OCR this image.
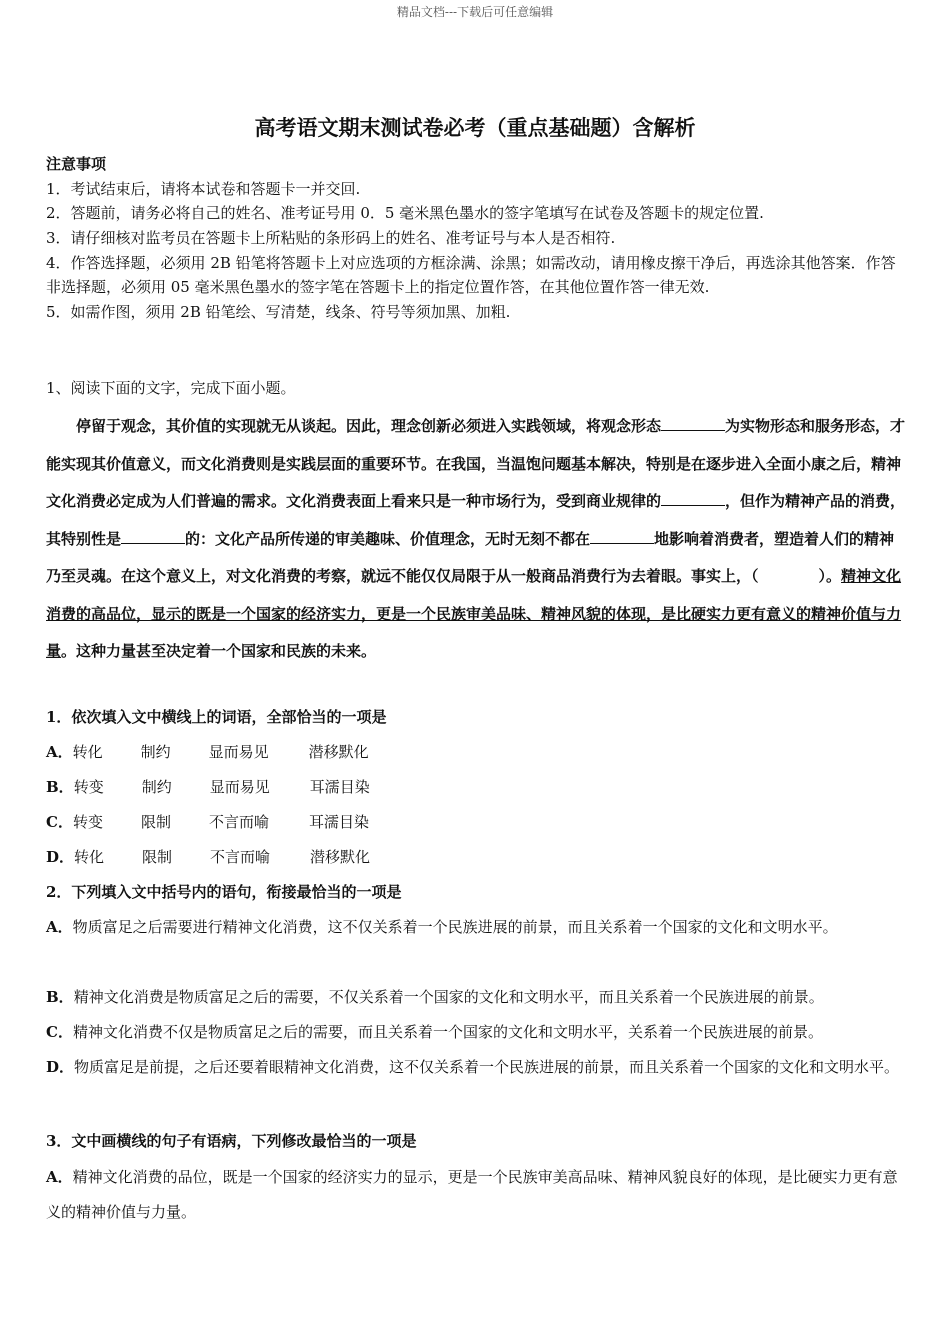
精品文档---下载后可任意编辑
高考语文期末测试卷必考（重点基础题）含解析
注意事项
1．考试结束后，请将本试卷和答题卡一并交回.
2．答题前，请务必将自己的姓名、准考证号用 0．5 毫米黑色墨水的签字笔填写在试卷及答题卡的规定位置.
3．请仔细核对监考员在答题卡上所粘贴的条形码上的姓名、准考证号与本人是否相符.
4．作答选择题，必须用 2B 铅笔将答题卡上对应选项的方框涂满、涂黑；如需改动，请用橡皮擦干净后，再选涂其他答案．作答非选择题，必须用 05 毫米黑色墨水的签字笔在答题卡上的指定位置作答，在其他位置作答一律无效.
5．如需作图，须用 2B 铅笔绘、写清楚，线条、符号等须加黑、加粗.
1、阅读下面的文字，完成下面小题。
停留于观念，其价值的实现就无从谈起。因此，理念创新必须进入实践领域，将观念形态	为实物形态和服务形态，才能实现其价值意义，而文化消费则是实践层面的重要环节。在我国，当温饱问题基本解决，特别是在逐步进入全面小康之后，精神文化消费必定成为人们普遍的需求。文化消费表面上看来只是一种市场行为，受到商业规律的	，但作为精神产品的消费，其特别性是	的：文化产品所传递的审美趣味、价值理念，无时无刻不都在	地影响着消费者，塑造着人们的精神乃至灵魂。在这个意义上，对文化消费的考察，就远不能仅仅局限于从一般商品消费行为去着眼。事实上，（	）。精神文化消费的高品位，显示的既是一个国家的经济实力，更是一个民族审美品味、精神风貌的体现，是比硬实力更有意义的精神价值与力量。这种力量甚至决定着一个国家和民族的未来。
1．依次填入文中横线上的词语，全部恰当的一项是
A．转化	制约	显而易见	潜移默化
B．转变	制约	显而易见	耳濡目染
C．转变	限制	不言而喻	耳濡目染
D．转化	限制	不言而喻	潜移默化
2．下列填入文中括号内的语句，衔接最恰当的一项是
A．物质富足之后需要进行精神文化消费，这不仅关系着一个民族进展的前景，而且关系着一个国家的文化和文明水平。
B．精神文化消费是物质富足之后的需要，不仅关系着一个国家的文化和文明水平，而且关系着一个民族进展的前景。
C．精神文化消费不仅是物质富足之后的需要，而且关系着一个国家的文化和文明水平，关系着一个民族进展的前景。
D．物质富足是前提，之后还要着眼精神文化消费，这不仅关系着一个民族进展的前景，而且关系着一个国家的文化和文明水平。
3．文中画横线的句子有语病，下列修改最恰当的一项是
A．精神文化消费的品位，既是一个国家的经济实力的显示，更是一个民族审美高品味、精神风貌良好的体现，是比硬实力更有意义的精神价值与力量。
